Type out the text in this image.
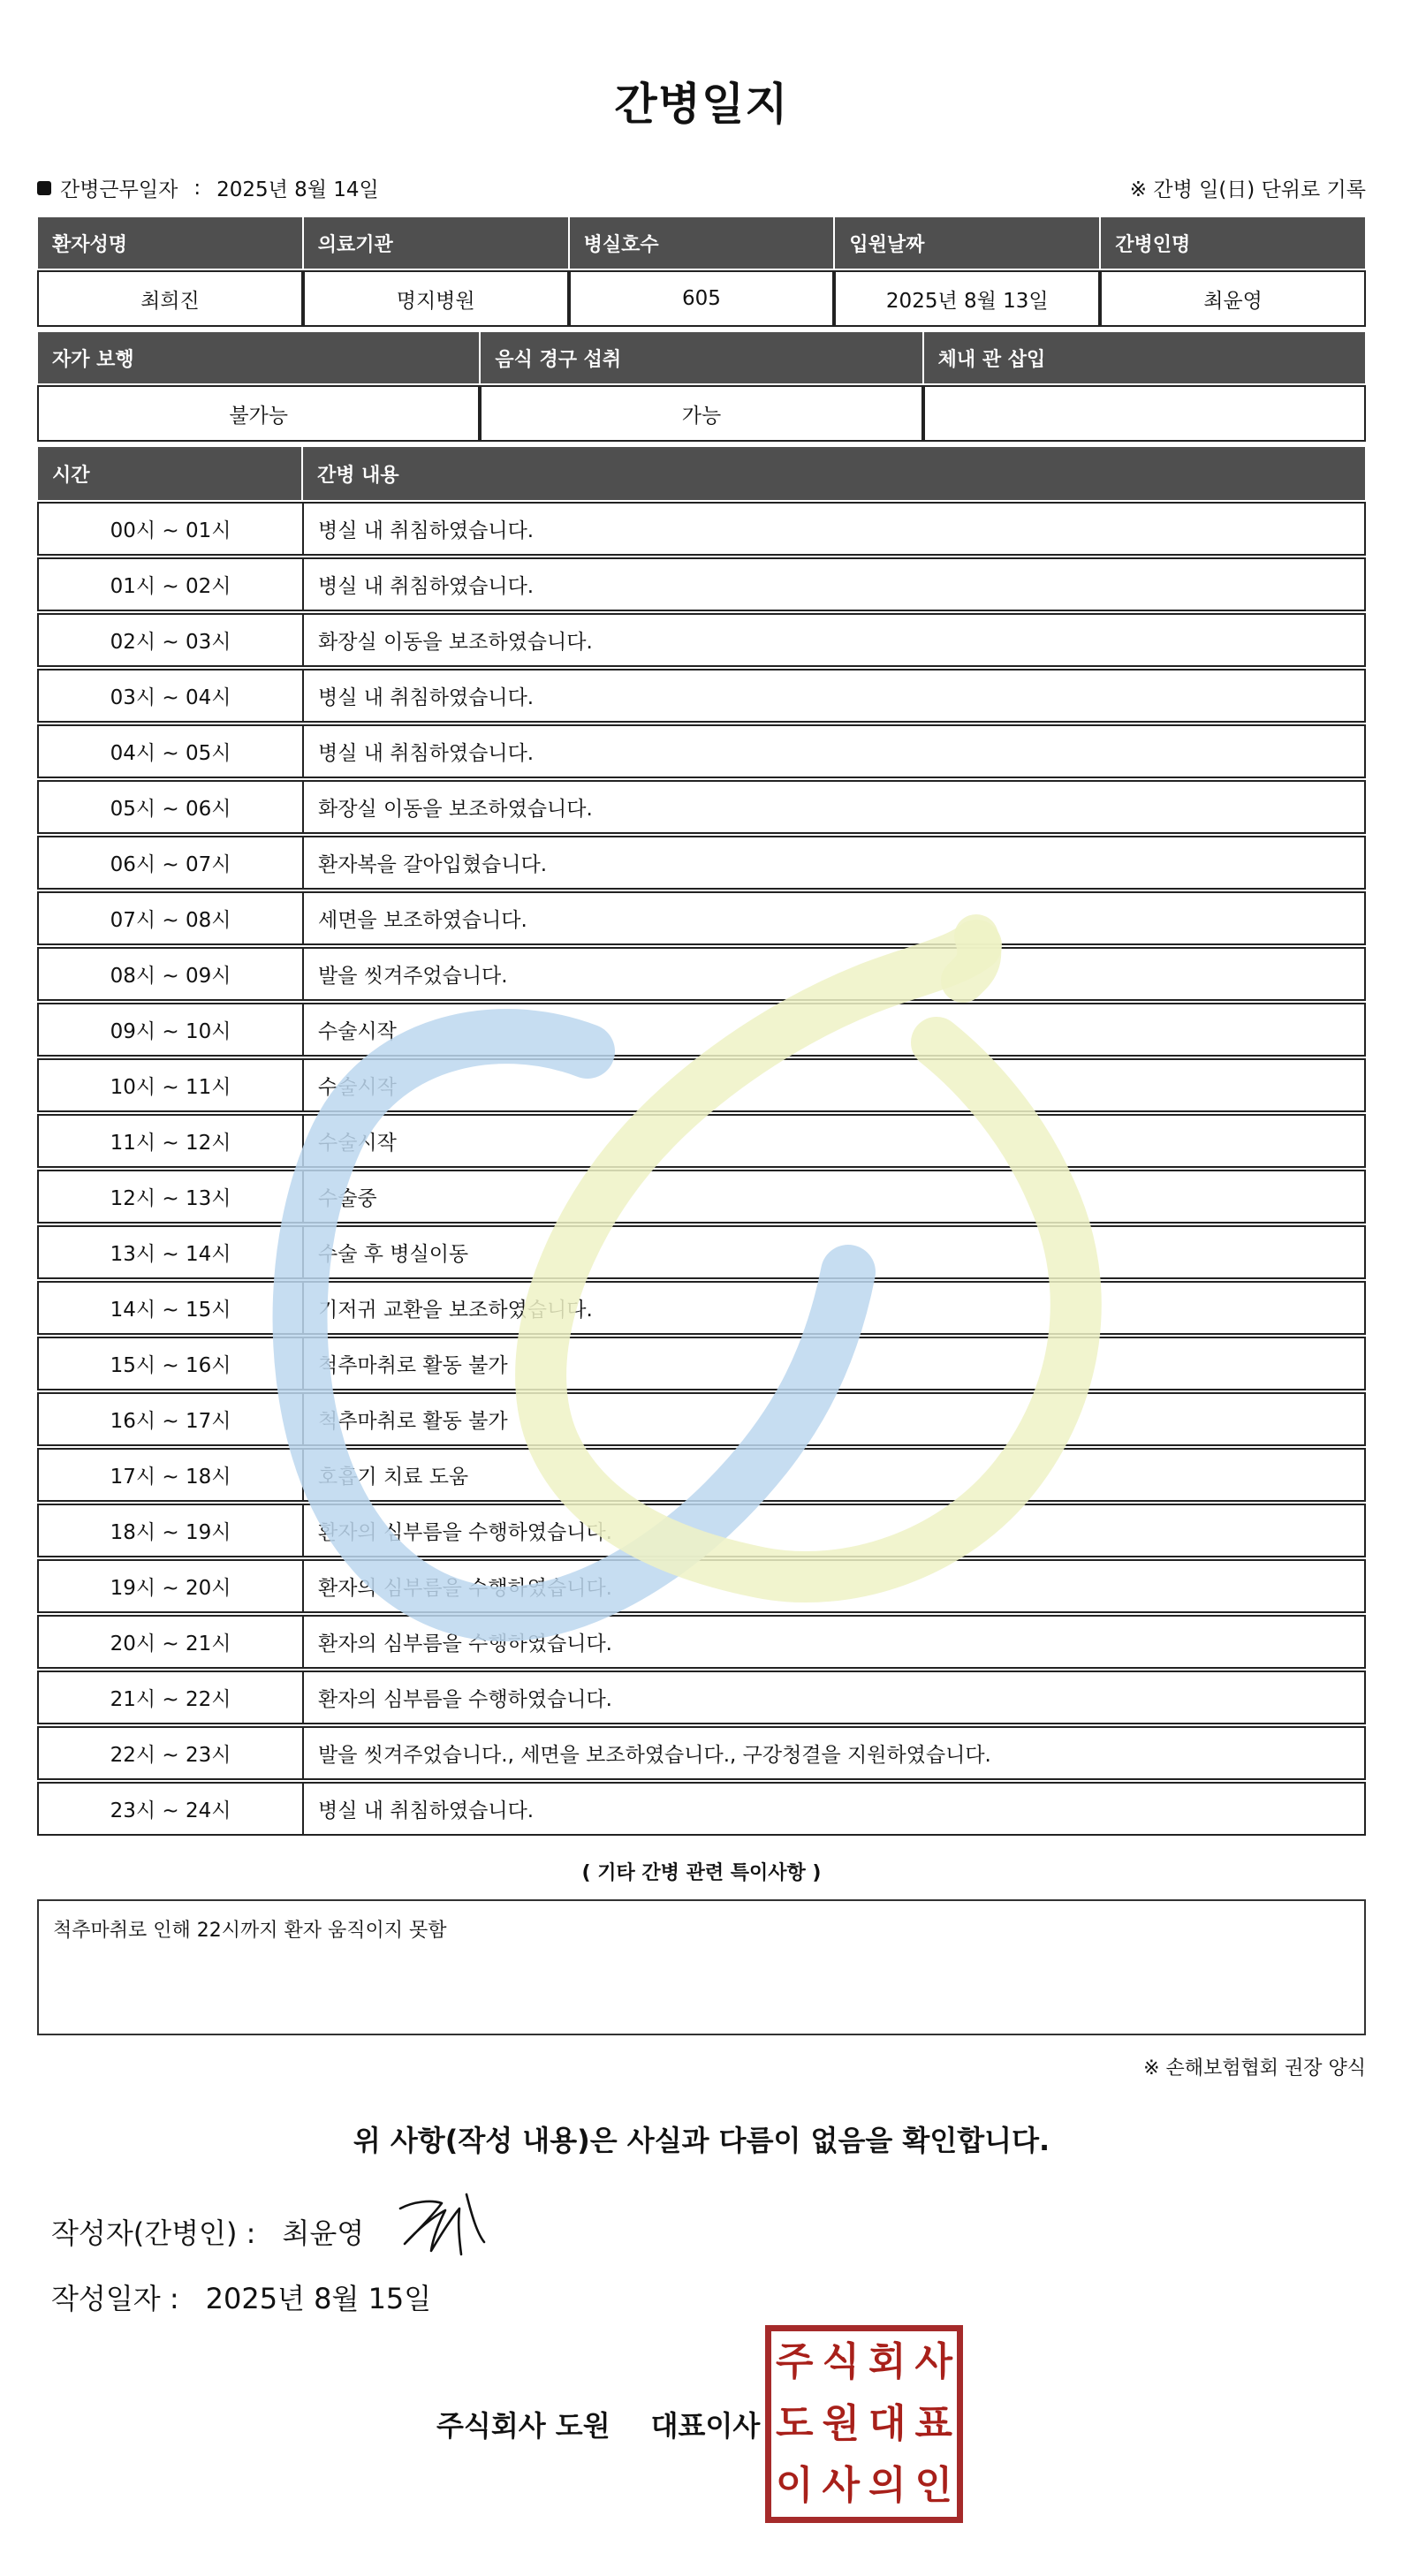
간병일지
간병근무일자 : 2025년 8월 14일	※ 간병 일(日) 단위로 기록
환자성명	의료기관	병실호수	입원날짜	간병인명
최희진	명지병원	605	2025년 8월 13일	최윤영
자가 보행	음식 경구 섭취	체내 관 삽입
불가능	가능
시간	간병 내용
00시 ~ 01시	병실 내 취침하였습니다.
01시 ~ 02시	병실 내 취침하였습니다.
02시 ~ 03시	화장실 이동을 보조하였습니다.
03시 ~ 04시	병실 내 취침하였습니다.
04시 ~ 05시	병실 내 취침하였습니다.
05시 ~ 06시	화장실 이동을 보조하였습니다.
06시 ~ 07시	환자복을 갈아입혔습니다.
07시 ~ 08시	세면을 보조하였습니다.
08시 ~ 09시	발을 씻겨주었습니다.
09시 ~ 10시	수술시작
10시 ~ 11시	수술시작
11시 ~ 12시	수술시작
12시 ~ 13시	수술중
13시 ~ 14시	수술 후 병실이동
14시 ~ 15시	기저귀 교환을 보조하였습니다.
15시 ~ 16시	척추마취로 활동 불가
16시 ~ 17시	척추마취로 활동 불가
17시 ~ 18시	호흡기 치료 도움
18시 ~ 19시	환자의 심부름을 수행하였습니다.
19시 ~ 20시	환자의 심부름을 수행하였습니다.
20시 ~ 21시	환자의 심부름을 수행하였습니다.
21시 ~ 22시	환자의 심부름을 수행하였습니다.
22시 ~ 23시	발을 씻겨주었습니다., 세면을 보조하였습니다., 구강청결을 지원하였습니다.
23시 ~ 24시	병실 내 취침하였습니다.
( 기타 간병 관련 특이사항 )
척추마취로 인해 22시까지 환자 움직이지 못함
※ 손해보험협회 권장 양식
위 사항(작성 내용)은 사실과 다름이 없음을 확인합니다.
작성자(간병인) : 최윤영
작성일자 : 2025년 8월 15일
주식회사 도원 대표이사
주 식 회 사
도 원 대 표
이 사 의 인
